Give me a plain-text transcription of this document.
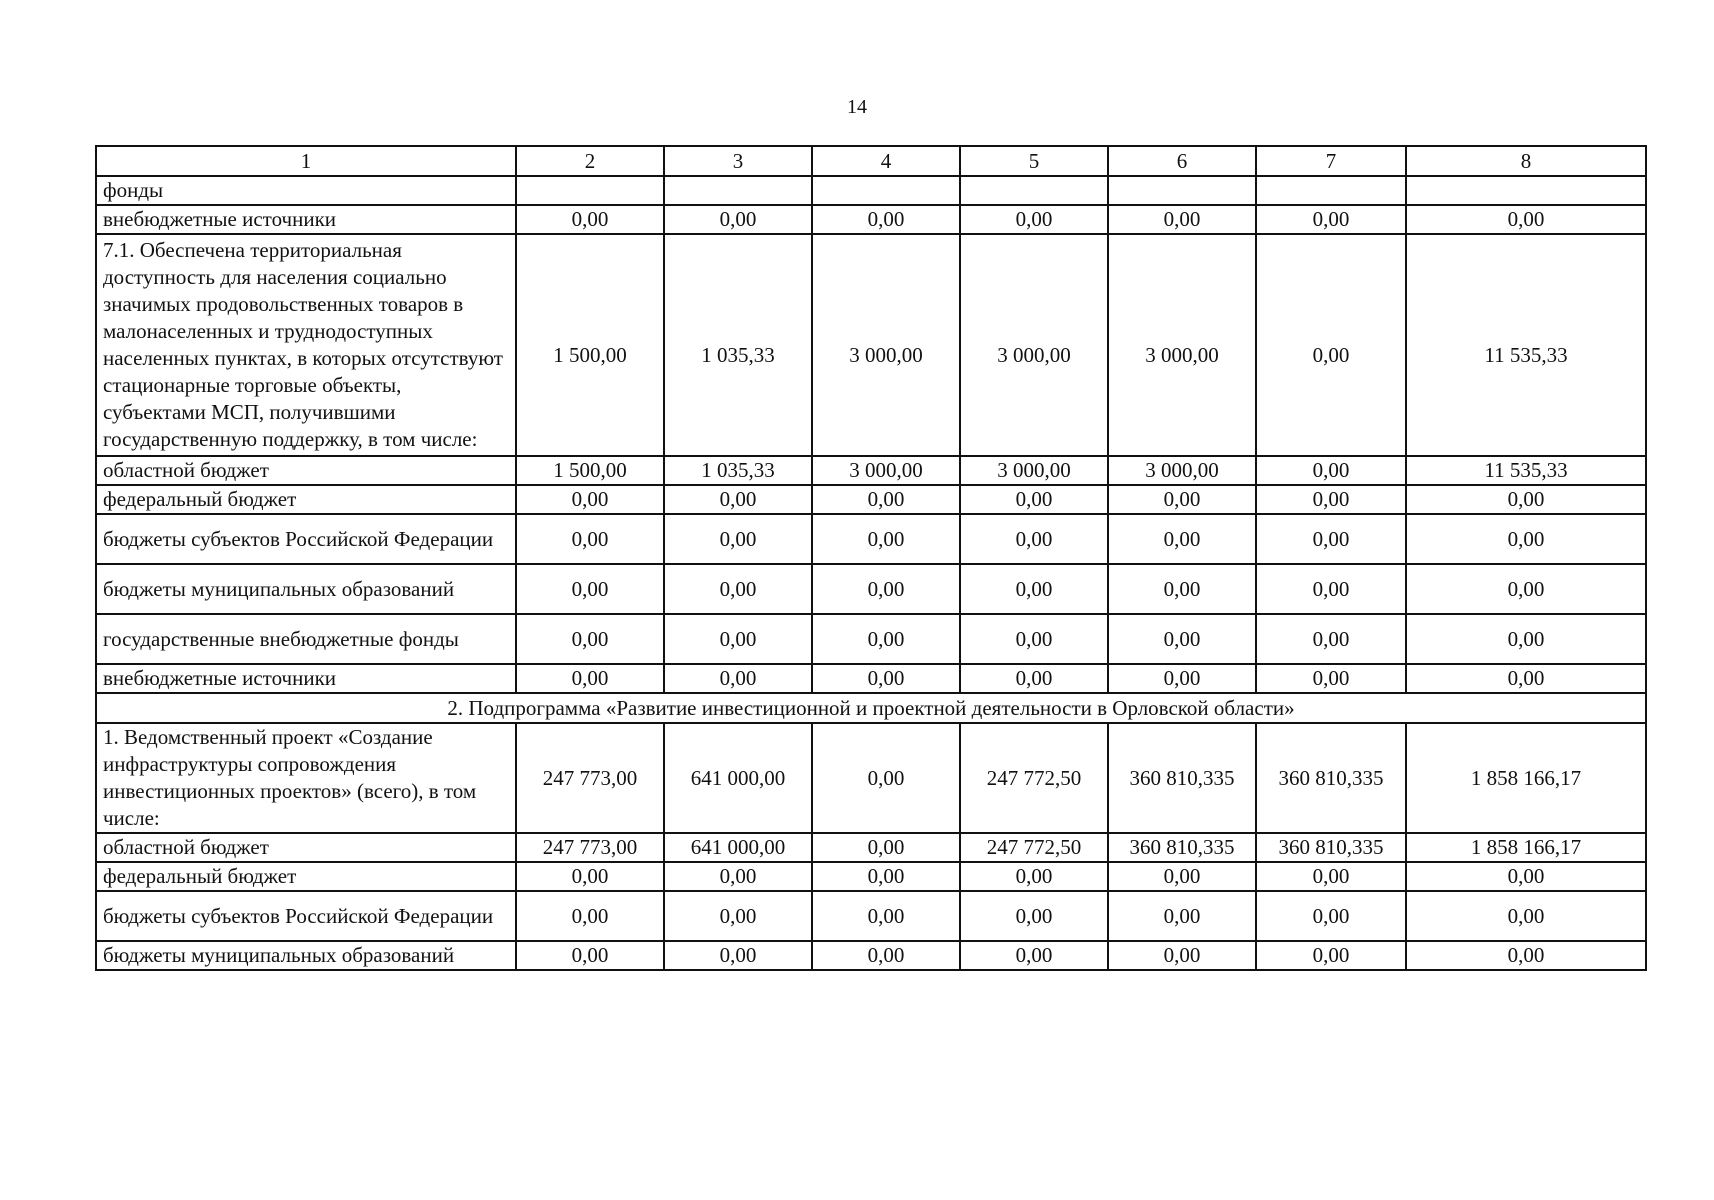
14
1	2	3	4	5	6	7	8
фонды							
внебюджетные источники	0,00	0,00	0,00	0,00	0,00	0,00	0,00
7.1. Обеспечена территориальная доступность для населения социально значимых продовольственных товаров в малонаселенных и труднодоступных населенных пунктах, в которых отсутствуют стационарные торговые объекты, субъектами МСП, получившими государственную поддержку, в том числе:	1 500,00	1 035,33	3 000,00	3 000,00	3 000,00	0,00	11 535,33
областной бюджет	1 500,00	1 035,33	3 000,00	3 000,00	3 000,00	0,00	11 535,33
федеральный бюджет	0,00	0,00	0,00	0,00	0,00	0,00	0,00
бюджеты субъектов Российской Федерации	0,00	0,00	0,00	0,00	0,00	0,00	0,00
бюджеты муниципальных образований	0,00	0,00	0,00	0,00	0,00	0,00	0,00
государственные внебюджетные фонды	0,00	0,00	0,00	0,00	0,00	0,00	0,00
внебюджетные источники	0,00	0,00	0,00	0,00	0,00	0,00	0,00
2. Подпрограмма «Развитие инвестиционной и проектной деятельности в Орловской области»							
1. Ведомственный проект «Создание инфраструктуры сопровождения инвестиционных проектов» (всего), в том числе:	247 773,00	641 000,00	0,00	247 772,50	360 810,335	360 810,335	1 858 166,17
областной бюджет	247 773,00	641 000,00	0,00	247 772,50	360 810,335	360 810,335	1 858 166,17
федеральный бюджет	0,00	0,00	0,00	0,00	0,00	0,00	0,00
бюджеты субъектов Российской Федерации	0,00	0,00	0,00	0,00	0,00	0,00	0,00
бюджеты муниципальных образований	0,00	0,00	0,00	0,00	0,00	0,00	0,00
